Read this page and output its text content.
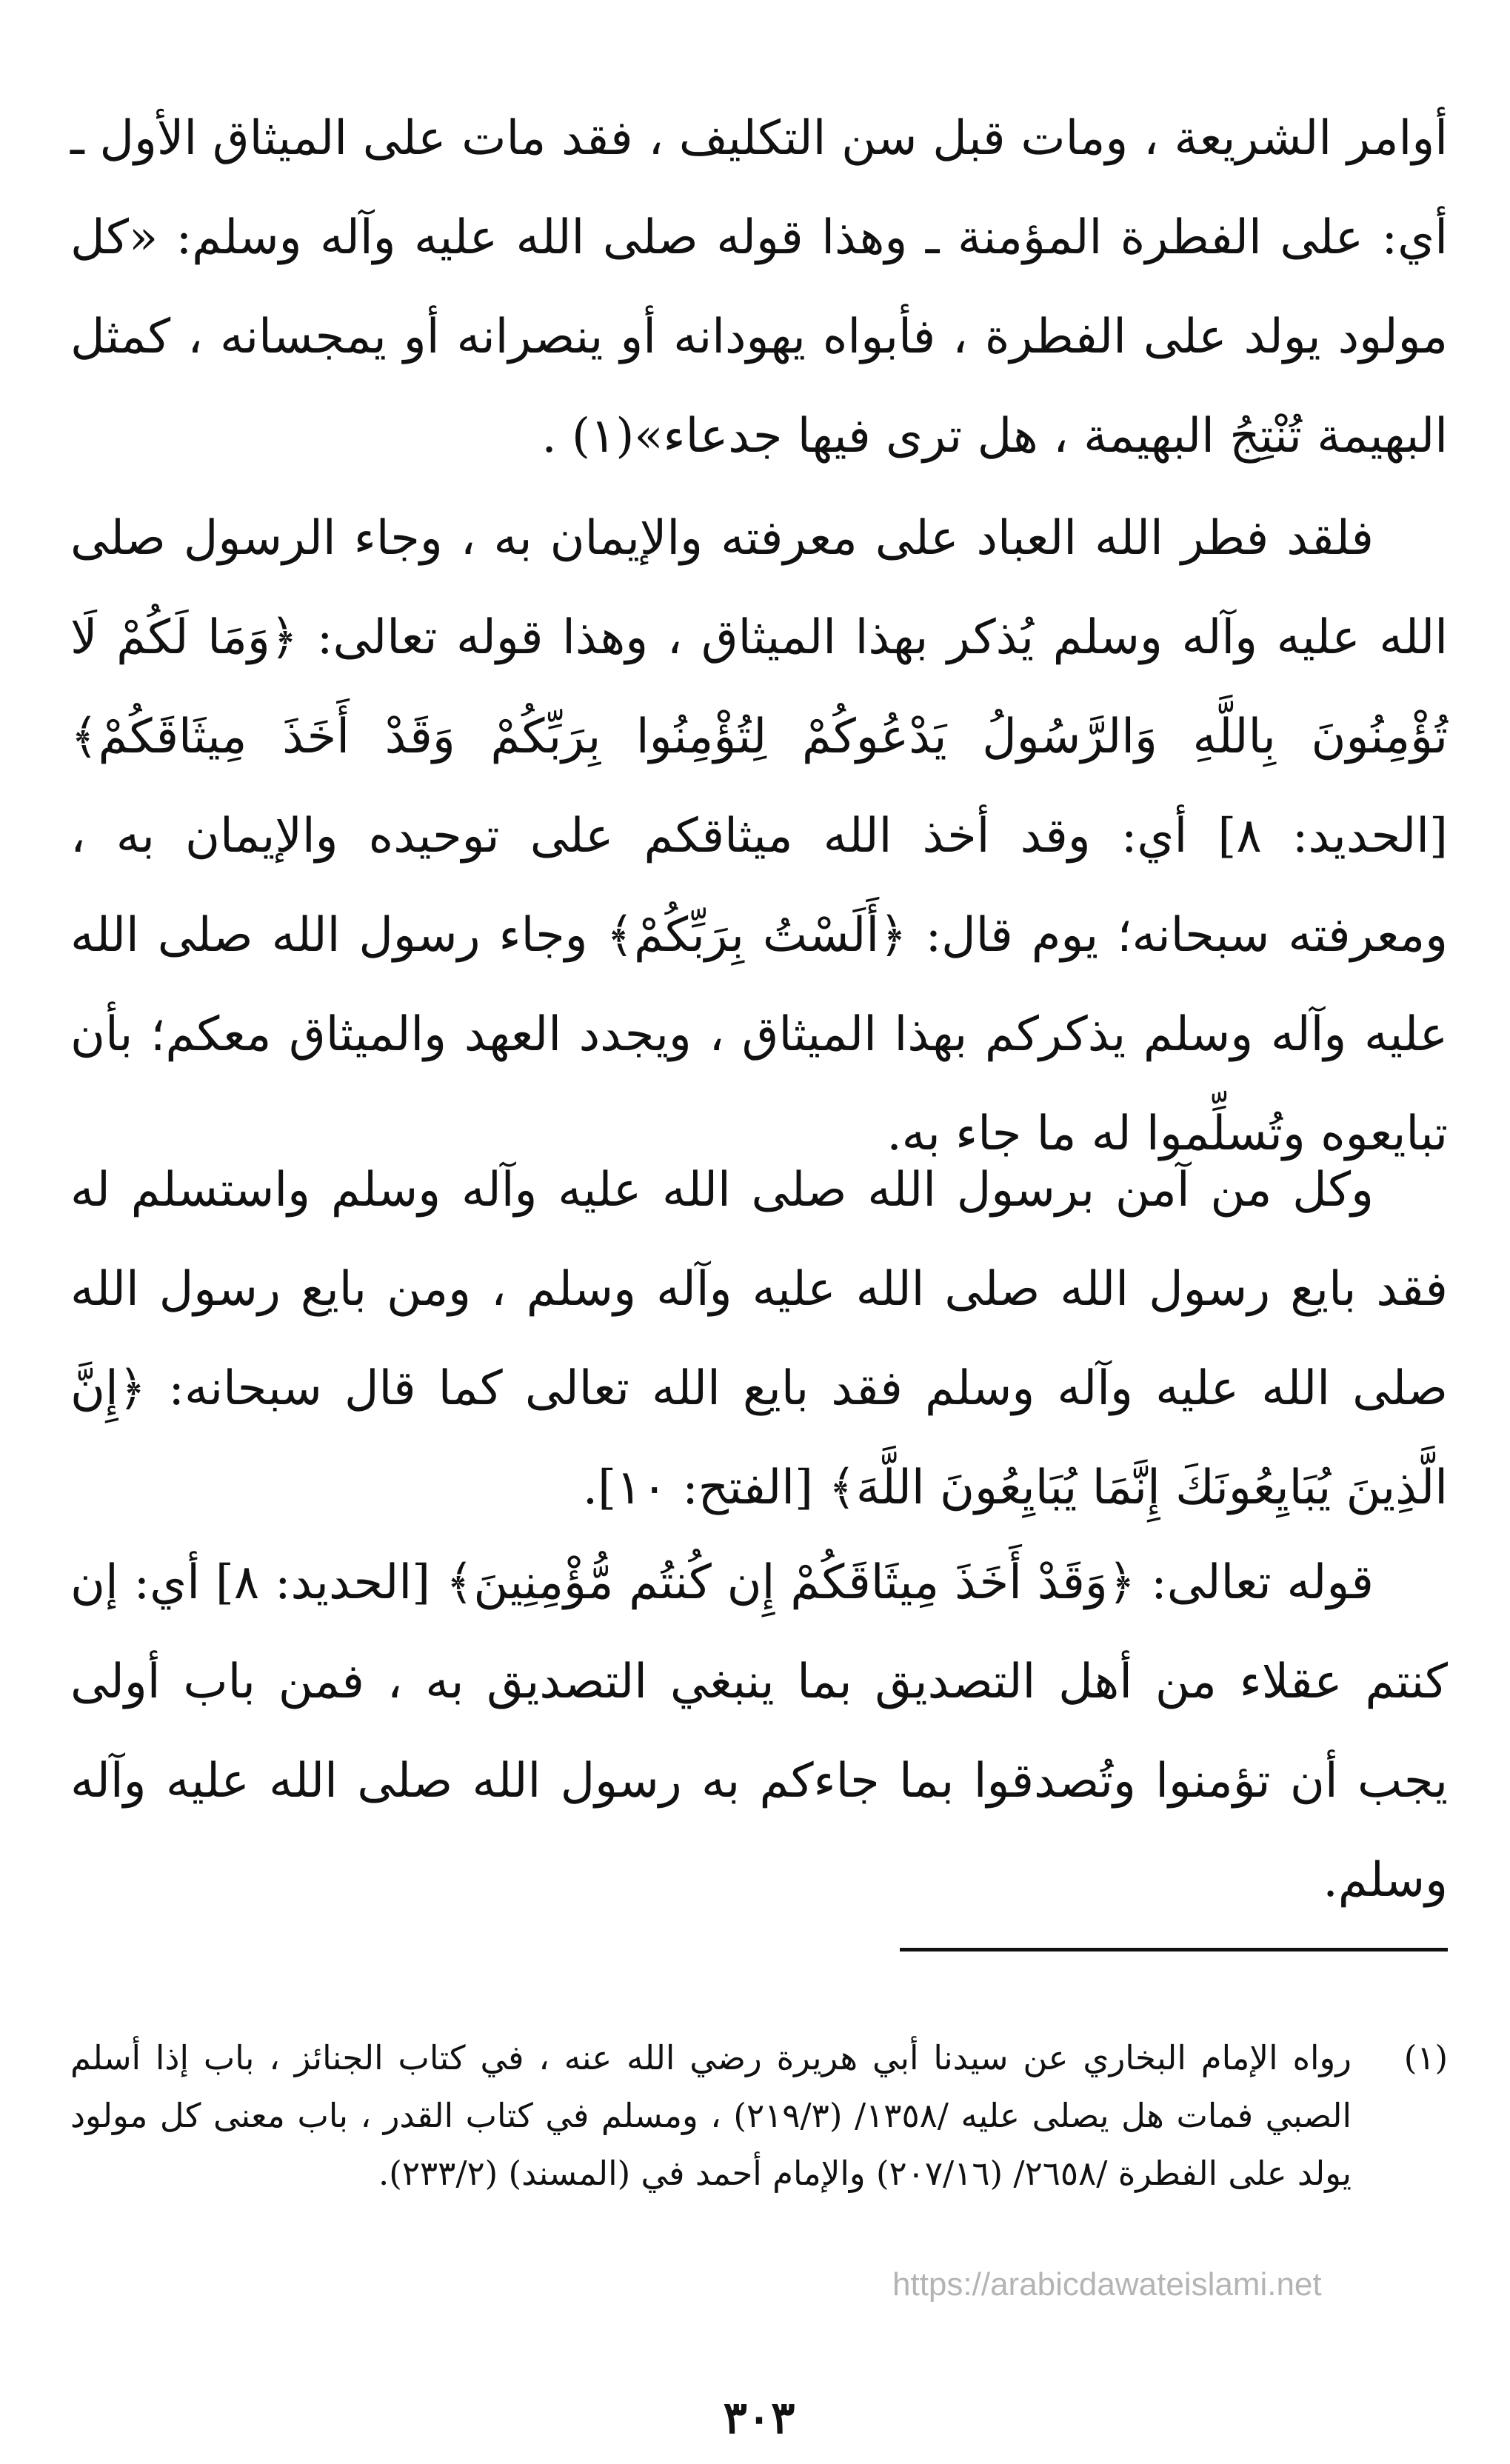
أوامر الشريعة ، ومات قبل سن التكليف ، فقد مات على الميثاق الأول ـ أي: على الفطرة المؤمنة ـ وهذا قوله صلى الله عليه وآله وسلم: «كل مولود يولد على الفطرة ، فأبواه يهودانه أو ينصرانه أو يمجسانه ، كمثل البهيمة تُنْتِجُ البهيمة ، هل ترى فيها جدعاء»(١) .

فلقد فطر الله العباد على معرفته والإيمان به ، وجاء الرسول صلى الله عليه وآله وسلم يُذكر بهذا الميثاق ، وهذا قوله تعالى: ﴿وَمَا لَكُمْ لَا تُؤْمِنُونَ بِاللَّهِ وَالرَّسُولُ يَدْعُوكُمْ لِتُؤْمِنُوا بِرَبِّكُمْ وَقَدْ أَخَذَ مِيثَاقَكُمْ﴾ [الحديد: ٨] أي: وقد أخذ الله ميثاقكم على توحيده والإيمان به ، ومعرفته سبحانه؛ يوم قال: ﴿أَلَسْتُ بِرَبِّكُمْ﴾ وجاء رسول الله صلى الله عليه وآله وسلم يذكركم بهذا الميثاق ، ويجدد العهد والميثاق معكم؛ بأن تبايعوه وتُسلِّموا له ما جاء به.

وكل من آمن برسول الله صلى الله عليه وآله وسلم واستسلم له فقد بايع رسول الله صلى الله عليه وآله وسلم ، ومن بايع رسول الله صلى الله عليه وآله وسلم فقد بايع الله تعالى كما قال سبحانه: ﴿إِنَّ الَّذِينَ يُبَايِعُونَكَ إِنَّمَا يُبَايِعُونَ اللَّهَ﴾ [الفتح: ١٠].

قوله تعالى: ﴿وَقَدْ أَخَذَ مِيثَاقَكُمْ إِن كُنتُم مُّؤْمِنِينَ﴾ [الحديد: ٨] أي: إن كنتم عقلاء من أهل التصديق بما ينبغي التصديق به ، فمن باب أولى يجب أن تؤمنوا وتُصدقوا بما جاءكم به رسول الله صلى الله عليه وآله وسلم.

(١)
رواه الإمام البخاري عن سيدنا أبي هريرة رضي الله عنه ، في كتاب الجنائز ، باب إذا أسلم الصبي فمات هل يصلى عليه /١٣٥٨/ (٢١٩/٣) ، ومسلم في كتاب القدر ، باب معنى كل مولود يولد على الفطرة /٢٦٥٨/ (٢٠٧/١٦) والإمام أحمد في (المسند) (٢٣٣/٢).
٣٠٣
https://arabicdawateislami.net
